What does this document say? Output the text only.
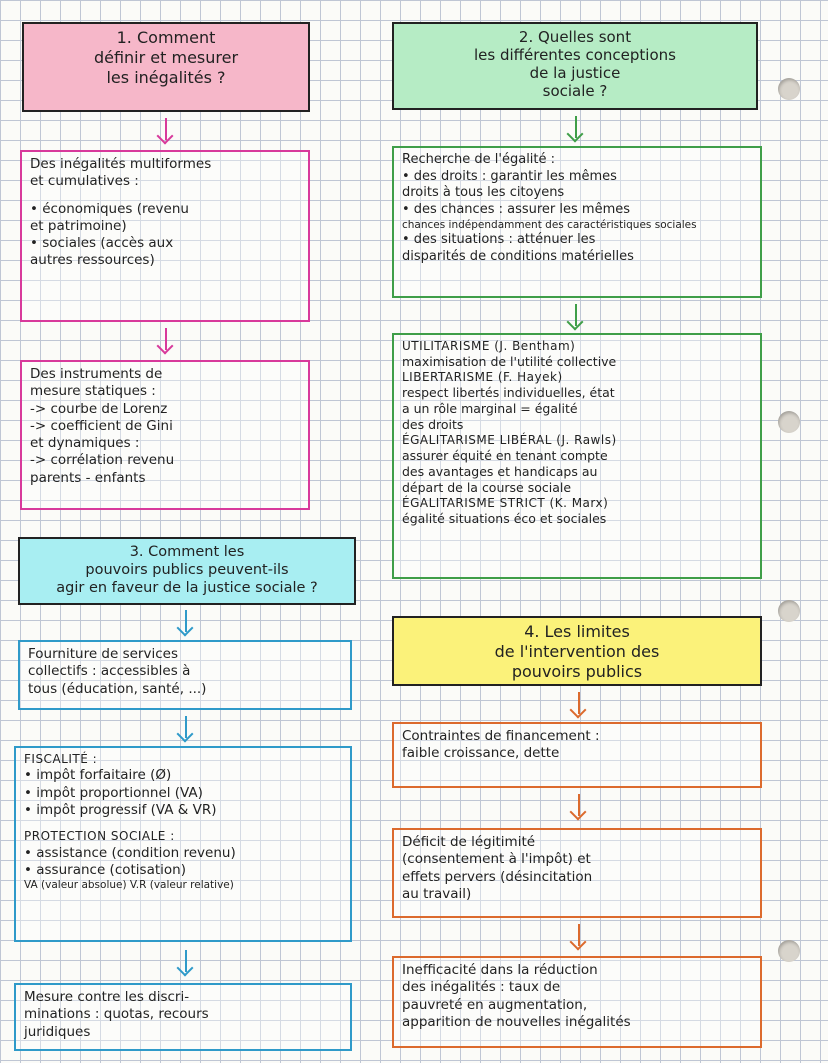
1. Comment
définir et mesurer
les inégalités ?
Des inégalités multiformes
et cumulatives :
• économiques (revenu
et patrimoine)
• sociales (accès aux
autres ressources)
Des instruments de
mesure statiques :
-> courbe de Lorenz
-> coefficient de Gini
et dynamiques :
-> corrélation revenu
parents - enfants
3. Comment les
pouvoirs publics peuvent-ils
agir en faveur de la justice sociale ?
Fourniture de services
collectifs : accessibles à
tous (éducation, santé, ...)
FISCALITÉ :
• impôt forfaitaire (Ø)
• impôt proportionnel (VA)
• impôt progressif (VA & VR)
PROTECTION SOCIALE :
• assistance (condition revenu)
• assurance (cotisation)
VA (valeur absolue) V.R (valeur relative)
Mesure contre les discri-
minations : quotas, recours
juridiques
2. Quelles sont
les différentes conceptions
de la justice
sociale ?
Recherche de l'égalité :
• des droits : garantir les mêmes
droits à tous les citoyens
• des chances : assurer les mêmes
chances indépendamment des caractéristiques sociales
• des situations : atténuer les
disparités de conditions matérielles
UTILITARISME (J. Bentham)
maximisation de l'utilité collective
LIBERTARISME (F. Hayek)
respect libertés individuelles, état
a un rôle marginal = égalité
des droits
ÉGALITARISME LIBÉRAL (J. Rawls)
assurer équité en tenant compte
des avantages et handicaps au
départ de la course sociale
ÉGALITARISME STRICT (K. Marx)
égalité situations éco et sociales
4. Les limites
de l'intervention des
pouvoirs publics
Contraintes de financement :
faible croissance, dette
Déficit de légitimité
(consentement à l'impôt) et
effets pervers (désincitation
au travail)
Inefficacité dans la réduction
des inégalités : taux de
pauvreté en augmentation,
apparition de nouvelles inégalités
